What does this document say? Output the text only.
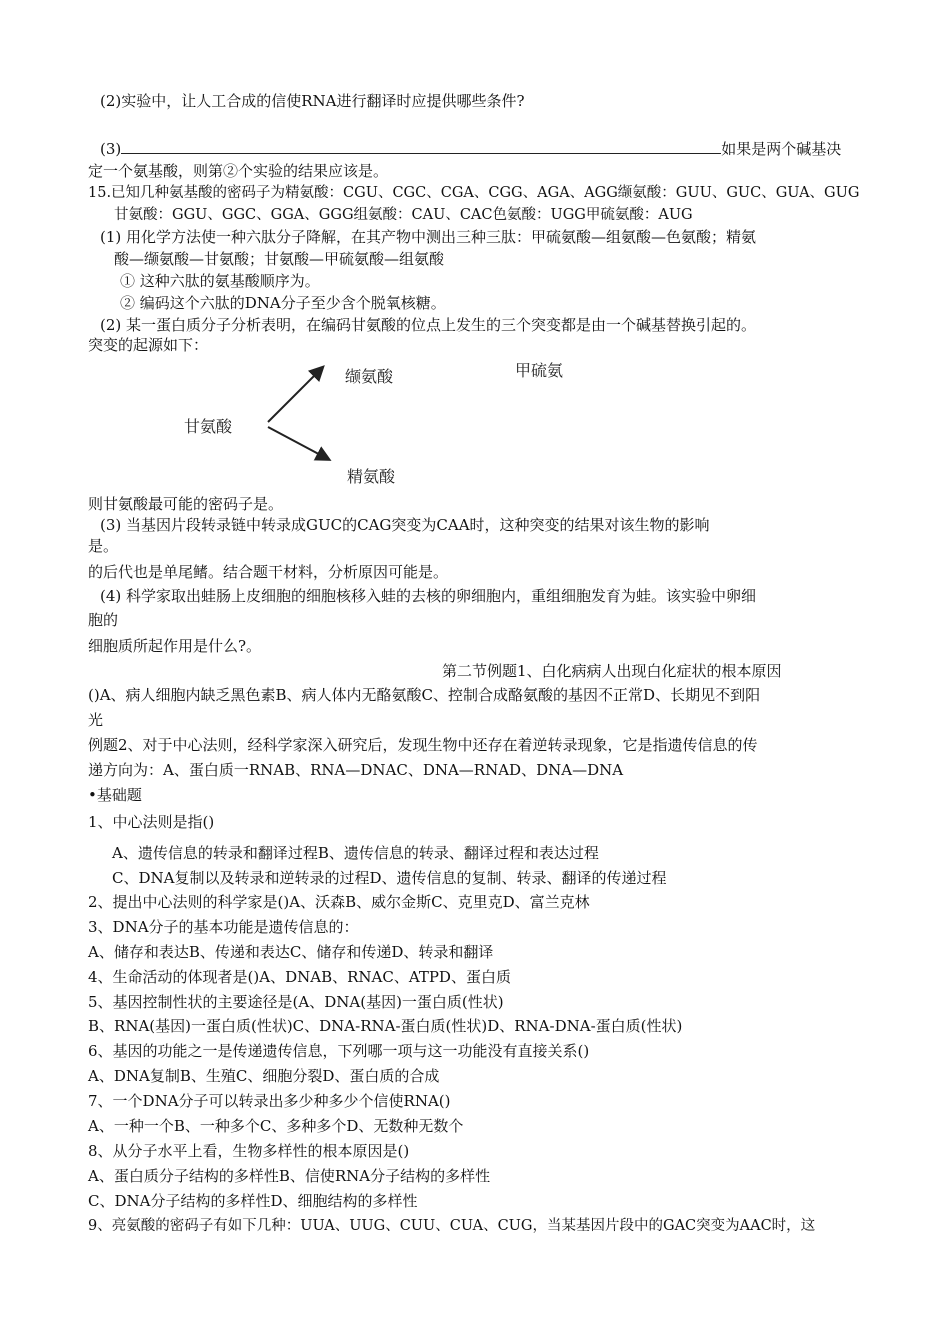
(2)实验中，让人工合成的信使RNA进行翻译时应提供哪些条件?
(3)	如果是两个碱基决
定一个氨基酸，则第②个实验的结果应该是。
15.已知几种氨基酸的密码子为精氨酸：CGU、CGC、CGA、CGG、AGA、AGG缬氨酸：GUU、GUC、GUA、GUG
甘氨酸：GGU、GGC、GGA、GGG组氨酸：CAU、CAC色氨酸：UGG甲硫氨酸：AUG
(1) 用化学方法使一种六肽分子降解，在其产物中测出三种三肽：甲硫氨酸—组氨酸—色氨酸；精氨
酸—缬氨酸—甘氨酸；甘氨酸—甲硫氨酸—组氨酸
① 这种六肽的氨基酸顺序为。
② 编码这个六肽的DNA分子至少含个脱氧核糖。
(2) 某一蛋白质分子分析表明，在编码甘氨酸的位点上发生的三个突变都是由一个碱基替换引起的。
突变的起源如下：
缬氨酸	甲硫氨
甘氨酸
精氨酸
则甘氨酸最可能的密码子是。
(3) 当基因片段转录链中转录成GUC的CAG突变为CAA时，这种突变的结果对该生物的影响
是。
的后代也是单尾鳍。结合题干材料，分析原因可能是。
(4) 科学家取出蛙肠上皮细胞的细胞核移入蛙的去核的卵细胞内，重组细胞发育为蛙。该实验中卵细
胞的
细胞质所起作用是什么?。
第二节例题1、白化病病人出现白化症状的根本原因
()A、病人细胞内缺乏黑色素B、病人体内无酪氨酸C、控制合成酪氨酸的基因不正常D、长期见不到阳
光
例题2、对于中心法则，经科学家深入研究后，发现生物中还存在着逆转录现象，它是指遗传信息的传
递方向为：A、蛋白质一RNAB、RNA—DNAC、DNA—RNAD、DNA—DNA
•基础题
1、中心法则是指()
A、遗传信息的转录和翻译过程B、遗传信息的转录、翻译过程和表达过程
C、DNA复制以及转录和逆转录的过程D、遗传信息的复制、转录、翻译的传递过程
2、提出中心法则的科学家是()A、沃森B、威尔金斯C、克里克D、富兰克林
3、DNA分子的基本功能是遗传信息的：
A、储存和表达B、传递和表达C、储存和传递D、转录和翻译
4、生命活动的体现者是()A、DNAB、RNAC、ATPD、蛋白质
5、基因控制性状的主要途径是(A、DNA(基因)一蛋白质(性状)
B、RNA(基因)一蛋白质(性状)C、DNA-RNA-蛋白质(性状)D、RNA-DNA-蛋白质(性状)
6、基因的功能之一是传递遗传信息，下列哪一项与这一功能没有直接关系()
A、DNA复制B、生殖C、细胞分裂D、蛋白质的合成
7、一个DNA分子可以转录出多少种多少个信使RNA()
A、一种一个B、一种多个C、多种多个D、无数种无数个
8、从分子水平上看，生物多样性的根本原因是()
A、蛋白质分子结构的多样性B、信使RNA分子结构的多样性
C、DNA分子结构的多样性D、细胞结构的多样性
9、亮氨酸的密码子有如下几种：UUA、UUG、CUU、CUA、CUG，当某基因片段中的GAC突变为AAC时，这
